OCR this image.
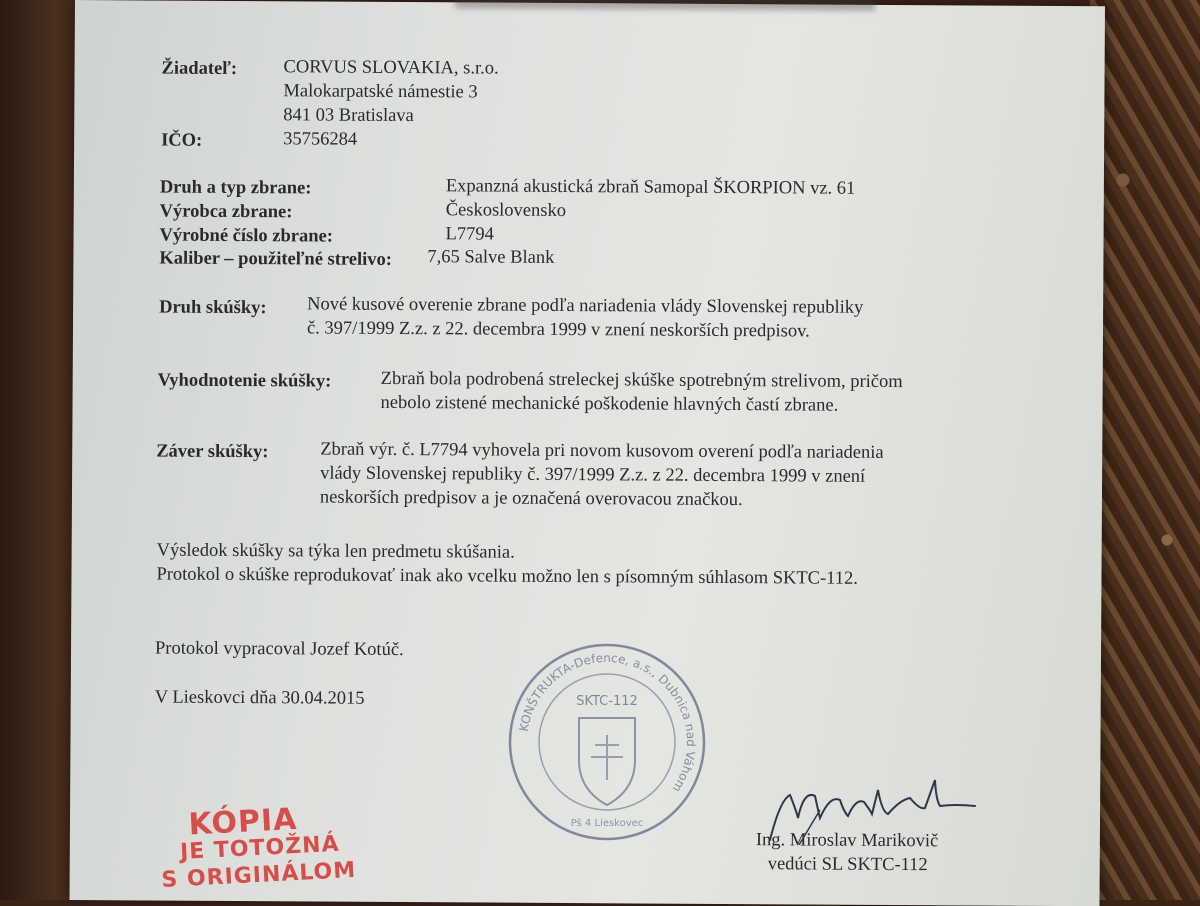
Žiadateľ:	CORVUS SLOVAKIA, s.r.o.
Malokarpatské námestie 3
841 03 Bratislava
IČO:	35756284
Druh a typ zbrane:	Expanzná akustická zbraň Samopal ŠKORPION vz. 61
Výrobca zbrane:	Československo
Výrobné číslo zbrane:	L7794
Kaliber – použiteľné strelivo: 7,65 Salve Blank
Druh skúšky: Nové kusové overenie zbrane podľa nariadenia vlády Slovenskej republiky
č. 397/1999 Z.z. z 22. decembra 1999 v znení neskorších predpisov.
Vyhodnotenie skúšky:	Zbraň bola podrobená streleckej skúške spotrebným strelivom, pričom
nebolo zistené mechanické poškodenie hlavných častí zbrane.
Záver skúšky:	Zbraň výr. č. L7794 vyhovela pri novom kusovom overení podľa nariadenia
vlády Slovenskej republiky č. 397/1999 Z.z. z 22. decembra 1999 v znení
neskorších predpisov a je označená overovacou značkou.
Výsledok skúšky sa týka len predmetu skúšania.
Protokol o skúške reprodukovať inak ako vcelku možno len s písomným súhlasom SKTC-112.
Protokol vypracoval Jozef Kotúč.
V Lieskovci dňa 30.04.2015
Ing. Miroslav Marikovič
vedúci SL SKTC-112
KONŠTRUKTA-Defence, a.s., Dubnica nad Váhom
SKTC-112
Pš 4 Lieskovec
KÓPIA
JE TOTOŽNÁ
S ORIGINÁLOM
